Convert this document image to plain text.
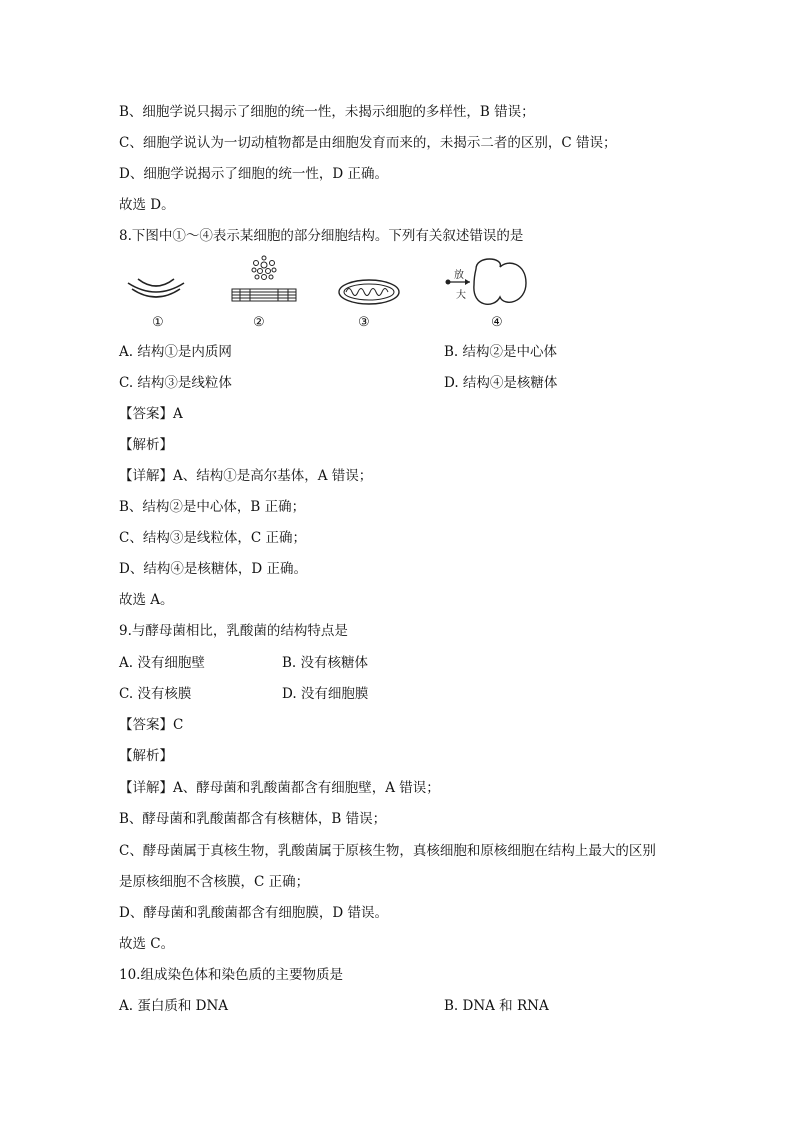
B、细胞学说只揭示了细胞的统一性，未揭示细胞的多样性，B 错误；
C、细胞学说认为一切动植物都是由细胞发育而来的，未揭示二者的区别，C 错误；
D、细胞学说揭示了细胞的统一性，D 正确。
故选 D。
8.下图中①～④表示某细胞的部分细胞结构。下列有关叙述错误的是
①	②	③
放
大
④
A. 结构①是内质网	B. 结构②是中心体
C. 结构③是线粒体	D. 结构④是核糖体
【答案】A
【解析】
【详解】A、结构①是高尔基体，A 错误；
B、结构②是中心体，B 正确；
C、结构③是线粒体，C 正确；
D、结构④是核糖体，D 正确。
故选 A。
9.与酵母菌相比，乳酸菌的结构特点是
A. 没有细胞壁	B. 没有核糖体
C. 没有核膜	D. 没有细胞膜
【答案】C
【解析】
【详解】A、酵母菌和乳酸菌都含有细胞壁，A 错误；
B、酵母菌和乳酸菌都含有核糖体，B 错误；
C、酵母菌属于真核生物，乳酸菌属于原核生物，真核细胞和原核细胞在结构上最大的区别
是原核细胞不含核膜，C 正确；
D、酵母菌和乳酸菌都含有细胞膜，D 错误。
故选 C。
10.组成染色体和染色质的主要物质是
A. 蛋白质和 DNA	B. DNA 和 RNA
